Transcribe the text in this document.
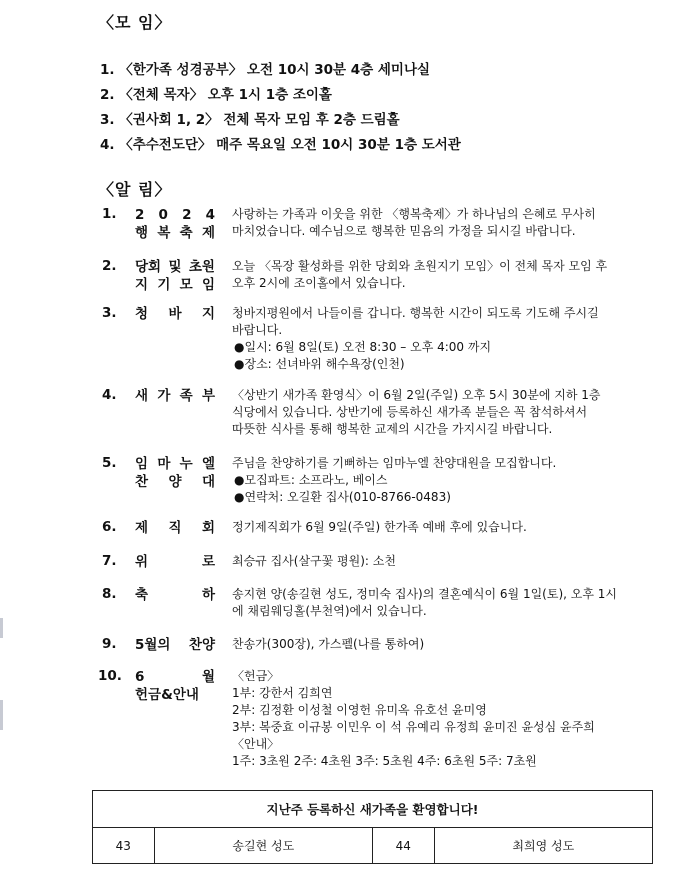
〈모 임〉
1. 〈한가족 성경공부〉 오전 10시 30분 4층 세미나실
2. 〈전체 목자〉 오후 1시 1층 조이홀
3. 〈권사회 1, 2〉 전체 목자 모임 후 2층 드림홀
4. 〈추수전도단〉 매주 목요일 오전 10시 30분 1층 도서관
〈알 림〉
1. 2 0 2 4
행 복 축 제
사랑하는 가족과 이웃을 위한 〈행복축제〉가 하나님의 은혜로 무사히
마치었습니다. 예수님으로 행복한 믿음의 가정을 되시길 바랍니다.
2. 당회 및 초원
지 기 모 임
오늘 〈목장 활성화를 위한 당회와 초원지기 모임〉이 전체 목자 모임 후
오후 2시에 조이홀에서 있습니다.
3. 청 바 지 청바지평원에서 나들이를 갑니다. 행복한 시간이 되도록 기도해 주시길
바랍니다.
●일시: 6월 8일(토) 오전 8:30 – 오후 4:00 까지
●장소: 선녀바위 해수욕장(인천)
4. 새 가 족 부 〈상반기 새가족 환영식〉이 6월 2일(주일) 오후 5시 30분에 지하 1층
식당에서 있습니다. 상반기에 등록하신 새가족 분들은 꼭 참석하셔서
따뜻한 식사를 통해 행복한 교제의 시간을 가지시길 바랍니다.
5. 임 마 누 엘
찬 양 대
주님을 찬양하기를 기뻐하는 임마누엘 찬양대원을 모집합니다.
●모집파트: 소프라노, 베이스
●연락처: 오길환 집사(010-8766-0483)
6. 제 직 회 정기제직회가 6월 9일(주일) 한가족 예배 후에 있습니다.
7. 위	로 최승규 집사(살구꽃 평원): 소천
8. 축	하 송지현 양(송길현 성도, 정미숙 집사)의 결혼예식이 6월 1일(토), 오후 1시
에 채림웨딩홀(부천역)에서 있습니다.
9. 5월의 찬양 찬송가(300장), 가스펠(나를 통하여)
10. 6	월
헌금&안내
〈헌금〉
1부: 강한서 김희연
2부: 김정환 이성철 이영헌 유미옥 유호선 윤미영
3부: 복중효 이규봉 이민우 이 석 유예리 유정희 윤미진 윤성심 윤주희
〈안내〉
1주: 3초원 2주: 4초원 3주: 5초원 4주: 6초원 5주: 7초원
지난주 등록하신 새가족을 환영합니다!
43	송길현 성도	44	최희영 성도
